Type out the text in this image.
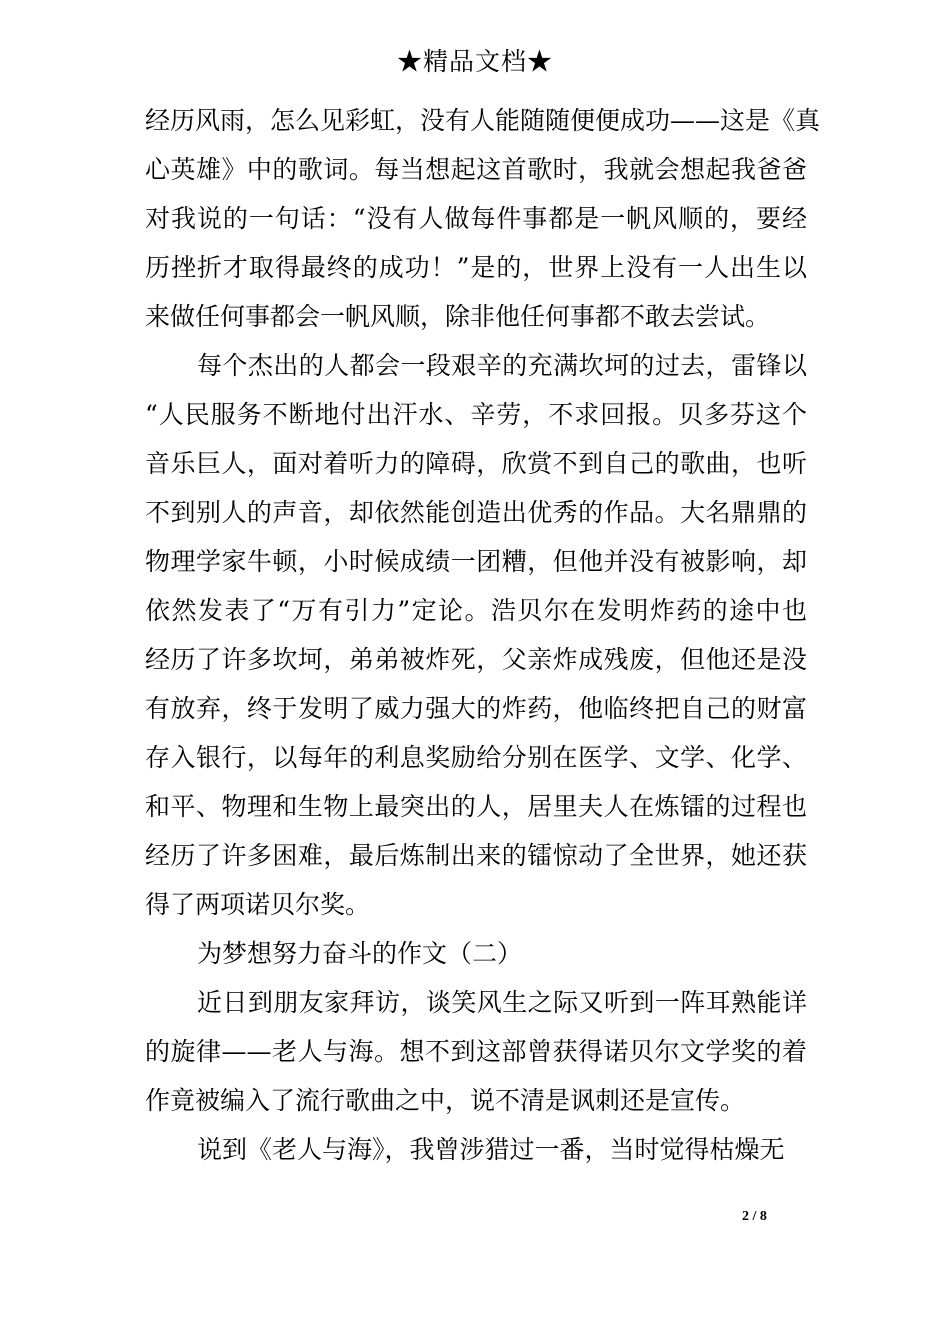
★精品文档★
经历风雨，怎么见彩虹，没有人能随随便便成功——这是《真
心英雄》中的歌词。每当想起这首歌时，我就会想起我爸爸
对我说的一句话：“没有人做每件事都是一帆风顺的，要经
历挫折才取得最终的成功！”是的，世界上没有一人出生以
来做任何事都会一帆风顺，除非他任何事都不敢去尝试。
每个杰出的人都会一段艰辛的充满坎坷的过去，雷锋以
“人民服务不断地付出汗水、辛劳，不求回报。贝多芬这个
音乐巨人，面对着听力的障碍，欣赏不到自己的歌曲，也听
不到别人的声音，却依然能创造出优秀的作品。大名鼎鼎的
物理学家牛顿，小时候成绩一团糟，但他并没有被影响，却
依然发表了“万有引力”定论。浩贝尔在发明炸药的途中也
经历了许多坎坷，弟弟被炸死，父亲炸成残废，但他还是没
有放弃，终于发明了威力强大的炸药，他临终把自己的财富
存入银行，以每年的利息奖励给分别在医学、文学、化学、
和平、物理和生物上最突出的人，居里夫人在炼镭的过程也
经历了许多困难，最后炼制出来的镭惊动了全世界，她还获
得了两项诺贝尔奖。
为梦想努力奋斗的作文（二）
近日到朋友家拜访，谈笑风生之际又听到一阵耳熟能详
的旋律——老人与海。想不到这部曾获得诺贝尔文学奖的着
作竟被编入了流行歌曲之中，说不清是讽刺还是宣传。
说到《老人与海》，我曾涉猎过一番，当时觉得枯燥无
2 / 8
